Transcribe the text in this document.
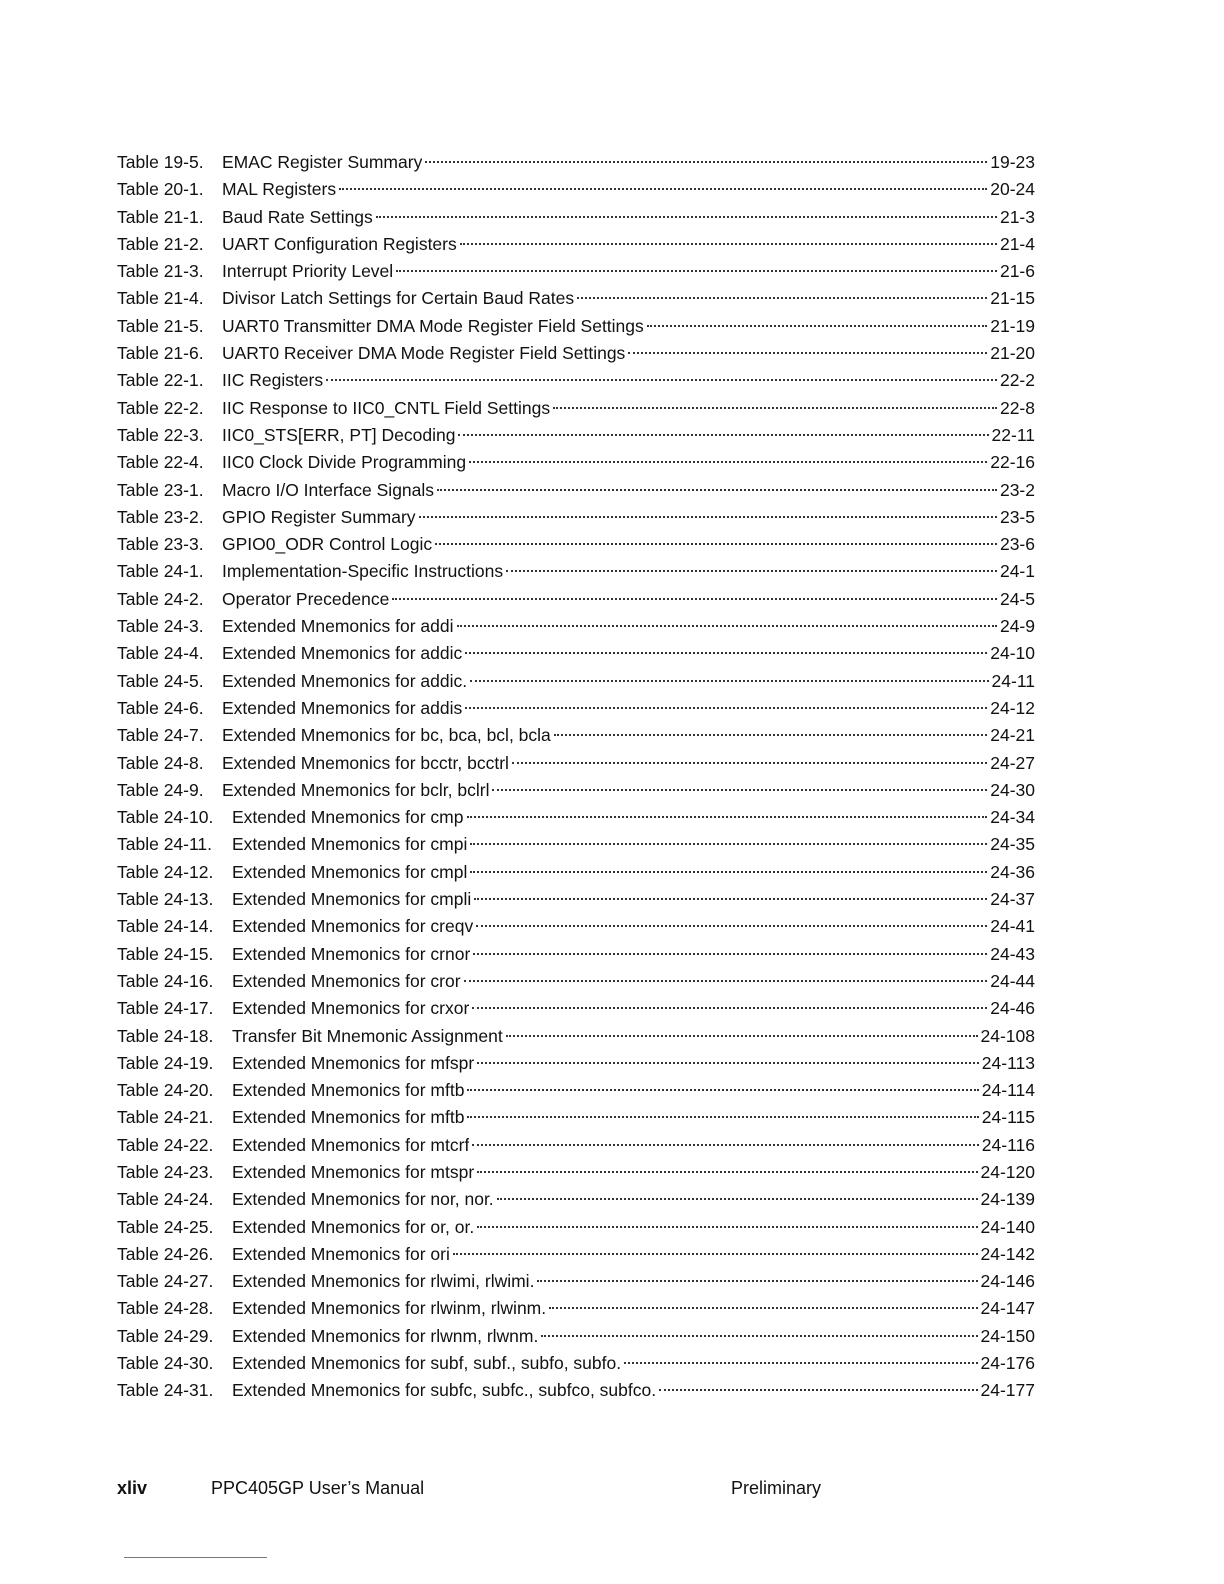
Table 19-5.	EMAC Register Summary	19-23
Table 20-1.	MAL Registers	20-24
Table 21-1.	Baud Rate Settings	21-3
Table 21-2.	UART Configuration Registers	21-4
Table 21-3.	Interrupt Priority Level	21-6
Table 21-4.	Divisor Latch Settings for Certain Baud Rates	21-15
Table 21-5.	UART0 Transmitter DMA Mode Register Field Settings	21-19
Table 21-6.	UART0 Receiver DMA Mode Register Field Settings	21-20
Table 22-1.	IIC Registers	22-2
Table 22-2.	IIC Response to IIC0_CNTL Field Settings	22-8
Table 22-3.	IIC0_STS[ERR, PT] Decoding	22-11
Table 22-4.	IIC0 Clock Divide Programming	22-16
Table 23-1.	Macro I/O Interface Signals	23-2
Table 23-2.	GPIO Register Summary	23-5
Table 23-3.	GPIO0_ODR Control Logic	23-6
Table 24-1.	Implementation-Specific Instructions	24-1
Table 24-2.	Operator Precedence	24-5
Table 24-3.	Extended Mnemonics for addi	24-9
Table 24-4.	Extended Mnemonics for addic	24-10
Table 24-5.	Extended Mnemonics for addic.	24-11
Table 24-6.	Extended Mnemonics for addis	24-12
Table 24-7.	Extended Mnemonics for bc, bca, bcl, bcla	24-21
Table 24-8.	Extended Mnemonics for bcctr, bcctrl	24-27
Table 24-9.	Extended Mnemonics for bclr, bclrl	24-30
Table 24-10.	Extended Mnemonics for cmp	24-34
Table 24-11.	Extended Mnemonics for cmpi	24-35
Table 24-12.	Extended Mnemonics for cmpl	24-36
Table 24-13.	Extended Mnemonics for cmpli	24-37
Table 24-14.	Extended Mnemonics for creqv	24-41
Table 24-15.	Extended Mnemonics for crnor	24-43
Table 24-16.	Extended Mnemonics for cror	24-44
Table 24-17.	Extended Mnemonics for crxor	24-46
Table 24-18.	Transfer Bit Mnemonic Assignment	24-108
Table 24-19.	Extended Mnemonics for mfspr	24-113
Table 24-20.	Extended Mnemonics for mftb	24-114
Table 24-21.	Extended Mnemonics for mftb	24-115
Table 24-22.	Extended Mnemonics for mtcrf	24-116
Table 24-23.	Extended Mnemonics for mtspr	24-120
Table 24-24.	Extended Mnemonics for nor, nor.	24-139
Table 24-25.	Extended Mnemonics for or, or.	24-140
Table 24-26.	Extended Mnemonics for ori	24-142
Table 24-27.	Extended Mnemonics for rlwimi, rlwimi.	24-146
Table 24-28.	Extended Mnemonics for rlwinm, rlwinm.	24-147
Table 24-29.	Extended Mnemonics for rlwnm, rlwnm.	24-150
Table 24-30.	Extended Mnemonics for subf, subf., subfo, subfo.	24-176
Table 24-31.	Extended Mnemonics for subfc, subfc., subfco, subfco.	24-177
xliv	PPC405GP User’s Manual	Preliminary
